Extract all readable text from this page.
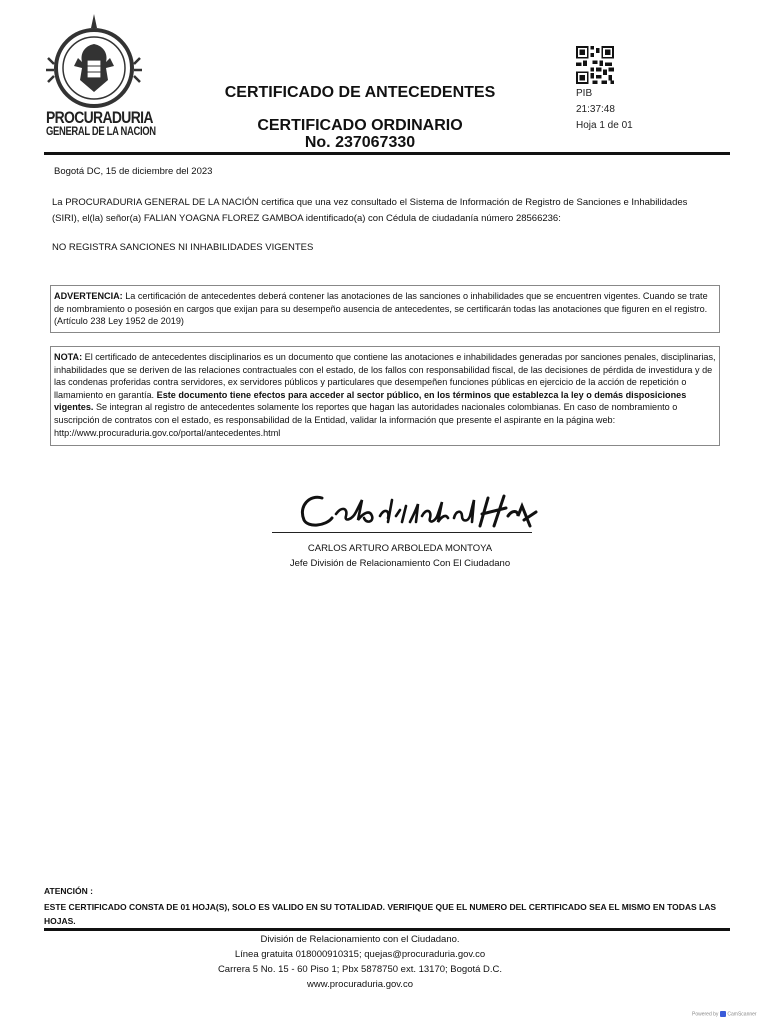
PROCURADURIA
GENERAL DE LA NACION
CERTIFICADO DE ANTECEDENTES
CERTIFICADO ORDINARIO
No. 237067330
PIB
21:37:48
Hoja 1 de 01
Bogotá DC, 15 de diciembre del 2023
La PROCURADURIA GENERAL DE LA NACIÓN certifica que una vez consultado el Sistema de Información de Registro de Sanciones e Inhabilidades
(SIRI), el(la) señor(a) FALIAN YOAGNA FLOREZ GAMBOA identificado(a) con Cédula de ciudadanía número 28566236:
NO REGISTRA SANCIONES NI INHABILIDADES VIGENTES
ADVERTENCIA: La certificación de antecedentes deberá contener las anotaciones de las sanciones o inhabilidades que se encuentren vigentes. Cuando se trate de nombramiento o posesión en cargos que exijan para su desempeño ausencia de antecedentes, se certificarán todas las anotaciones que figuren en el registro. (Artículo 238 Ley 1952 de 2019)
NOTA: El certificado de antecedentes disciplinarios es un documento que contiene las anotaciones e inhabilidades generadas por sanciones penales, disciplinarias, inhabilidades que se deriven de las relaciones contractuales con el estado, de los fallos con responsabilidad fiscal, de las decisiones de pérdida de investidura y de las condenas proferidas contra servidores, ex servidores públicos y particulares que desempeñen funciones públicas en ejercicio de la acción de repetición o llamamiento en garantía. Este documento tiene efectos para acceder al sector público, en los términos que establezca la ley o demás disposiciones vigentes. Se integran al registro de antecedentes solamente los reportes que hagan las autoridades nacionales colombianas. En caso de nombramiento o suscripción de contratos con el estado, es responsabilidad de la Entidad, validar la información que presente el aspirante en la página web: http://www.procuraduria.gov.co/portal/antecedentes.html
CARLOS ARTURO ARBOLEDA MONTOYA
Jefe División de Relacionamiento Con El Ciudadano
ATENCIÓN :
ESTE CERTIFICADO CONSTA DE 01 HOJA(S), SOLO ES VALIDO EN SU TOTALIDAD. VERIFIQUE QUE EL NUMERO DEL CERTIFICADO SEA EL MISMO EN TODAS LAS HOJAS.
División de Relacionamiento con el Ciudadano.
Línea gratuita 018000910315; quejas@procuraduria.gov.co
Carrera 5 No. 15 - 60 Piso 1; Pbx 5878750 ext. 13170; Bogotá D.C.
www.procuraduria.gov.co
Powered by CamScanner
